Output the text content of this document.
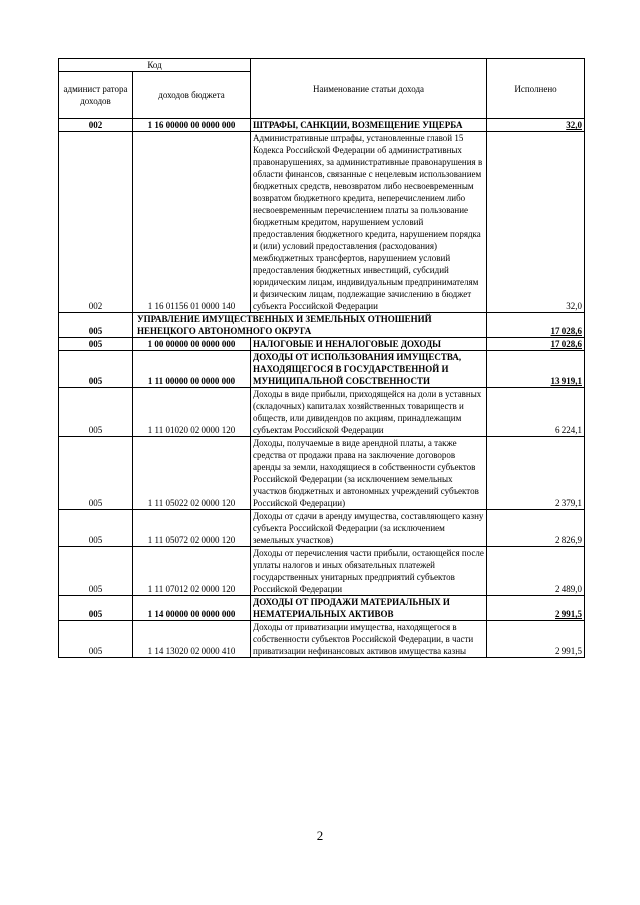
Код		Наименование статьи дохода	Исполнено
админист ратора доходов	доходов бюджета		
002	1 16 00000 00 0000 000	ШТРАФЫ, САНКЦИИ, ВОЗМЕЩЕНИЕ УЩЕРБА	32,0
002	1 16 01156 01 0000 140	Административные штрафы, установленные главой 15 Кодекса Российской Федерации об административных правонарушениях, за административные правонарушения в области финансов, связанные с нецелевым использованием бюджетных средств, невозвратом либо несвоевременным возвратом бюджетного кредита, неперечислением либо несвоевременным перечислением платы за пользование бюджетным кредитом, нарушением условий предоставления бюджетного кредита, нарушением порядка и (или) условий предоставления (расходования) межбюджетных трансфертов, нарушением условий предоставления бюджетных инвестиций, субсидий юридическим лицам, индивидуальным предпринимателям и физическим лицам, подлежащие зачислению в бюджет субъекта Российской Федерации	32,0
005	УПРАВЛЕНИЕ ИМУЩЕСТВЕННЫХ И ЗЕМЕЛЬНЫХ ОТНОШЕНИЙ НЕНЕЦКОГО АВТОНОМНОГО ОКРУГА		17 028,6
005	1 00 00000 00 0000 000	НАЛОГОВЫЕ И НЕНАЛОГОВЫЕ ДОХОДЫ	17 028,6
005	1 11 00000 00 0000 000	ДОХОДЫ ОТ ИСПОЛЬЗОВАНИЯ ИМУЩЕСТВА, НАХОДЯЩЕГОСЯ В ГОСУДАРСТВЕННОЙ И МУНИЦИПАЛЬНОЙ СОБСТВЕННОСТИ	13 919,1
005	1 11 01020 02 0000 120	Доходы в виде прибыли, приходящейся на доли в уставных (складочных) капиталах хозяйственных товариществ и обществ, или дивидендов по акциям, принадлежащим субъектам Российской Федерации	6 224,1
005	1 11 05022 02 0000 120	Доходы, получаемые в виде арендной платы, а также средства от продажи права на заключение договоров аренды за земли, находящиеся в собственности субъектов Российской Федерации (за исключением земельных участков бюджетных и автономных учреждений субъектов Российской Федерации)	2 379,1
005	1 11 05072 02 0000 120	Доходы от сдачи в аренду имущества, составляющего казну субъекта Российской Федерации (за исключением земельных участков)	2 826,9
005	1 11 07012 02 0000 120	Доходы от перечисления части прибыли, остающейся после уплаты налогов и иных обязательных платежей государственных унитарных предприятий субъектов Российской Федерации	2 489,0
005	1 14 00000 00 0000 000	ДОХОДЫ ОТ ПРОДАЖИ МАТЕРИАЛЬНЫХ И НЕМАТЕРИАЛЬНЫХ АКТИВОВ	2 991,5
005	1 14 13020 02 0000 410	Доходы от приватизации имущества, находящегося в собственности субъектов Российской Федерации, в части приватизации нефинансовых активов имущества казны	2 991,5
2
